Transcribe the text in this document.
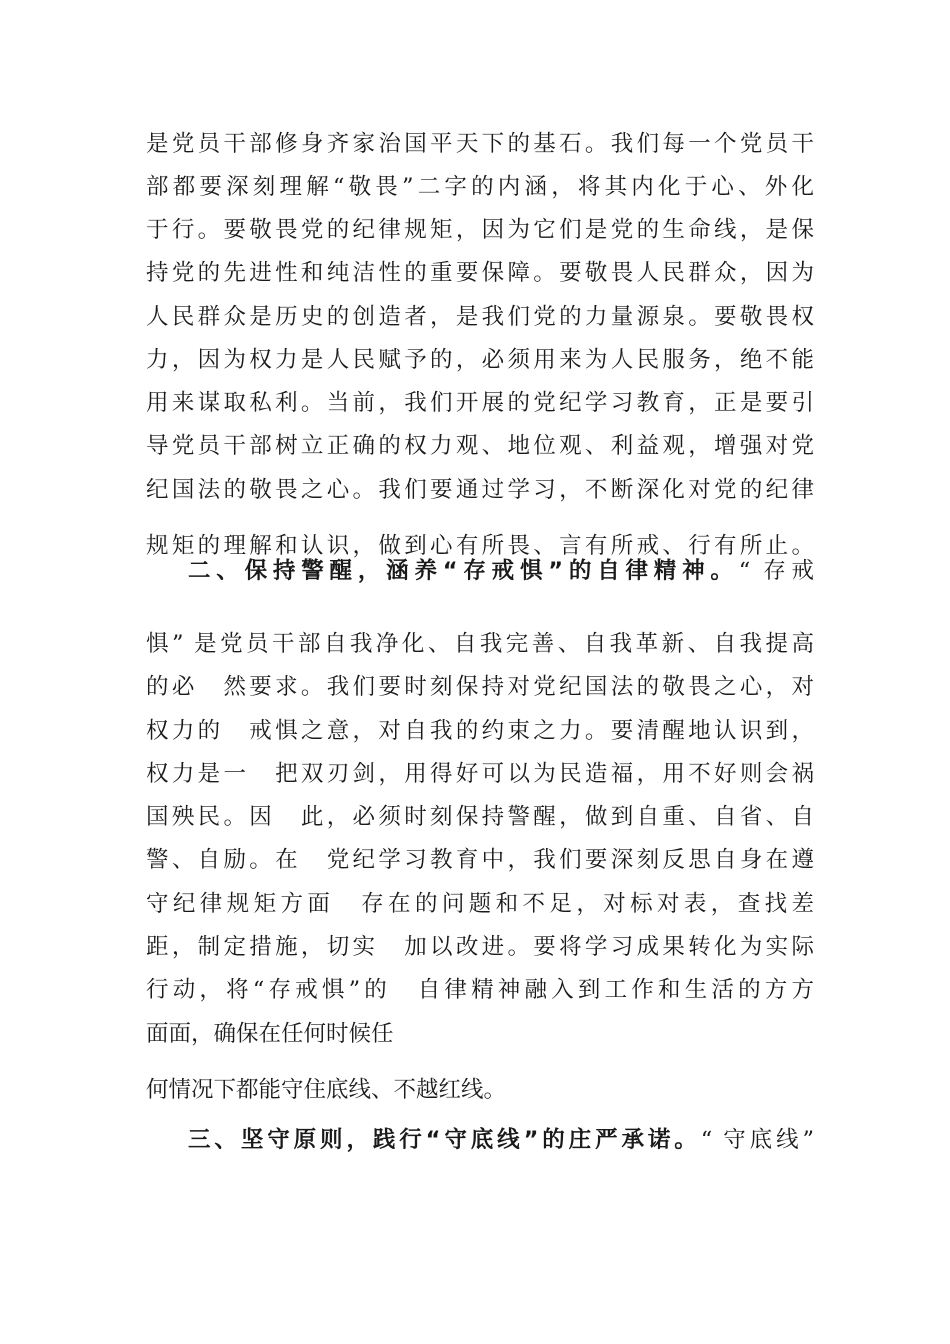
是党员干部修身齐家治国平天下的基石。我们每一个党员干
部都要深刻理解“敬畏”二字的内涵，将其内化于心、外化
于行。要敬畏党的纪律规矩，因为它们是党的生命线，是保
持党的先进性和纯洁性的重要保障。要敬畏人民群众，因为
人民群众是历史的创造者，是我们党的力量源泉。要敬畏权
力，因为权力是人民赋予的，必须用来为人民服务，绝不能
用来谋取私利。当前，我们开展的党纪学习教育，正是要引
导党员干部树立正确的权力观、地位观、利益观，增强对党
纪国法的敬畏之心。我们要通过学习，不断深化对党的纪律
规矩的理解和认识，做到心有所畏、言有所戒、行有所止。
二、保持警醒，涵养“存戒惧”的自律精神。“ 存戒
惧” 是党员干部自我净化、自我完善、自我革新、自我提高
的必　然要求。我们要时刻保持对党纪国法的敬畏之心，对
权力的　戒惧之意，对自我的约束之力。要清醒地认识到，
权力是一　把双刃剑，用得好可以为民造福，用不好则会祸
国殃民。因　此，必须时刻保持警醒，做到自重、自省、自
警、自励。在　党纪学习教育中，我们要深刻反思自身在遵
守纪律规矩方面　存在的问题和不足，对标对表，查找差
距，制定措施，切实　加以改进。要将学习成果转化为实际
行动，将“存戒惧”的　自律精神融入到工作和生活的方方
面面，确保在任何时候任
何情况下都能守住底线、不越红线。
三、坚守原则，践行“守底线”的庄严承诺。“ 守底线”
